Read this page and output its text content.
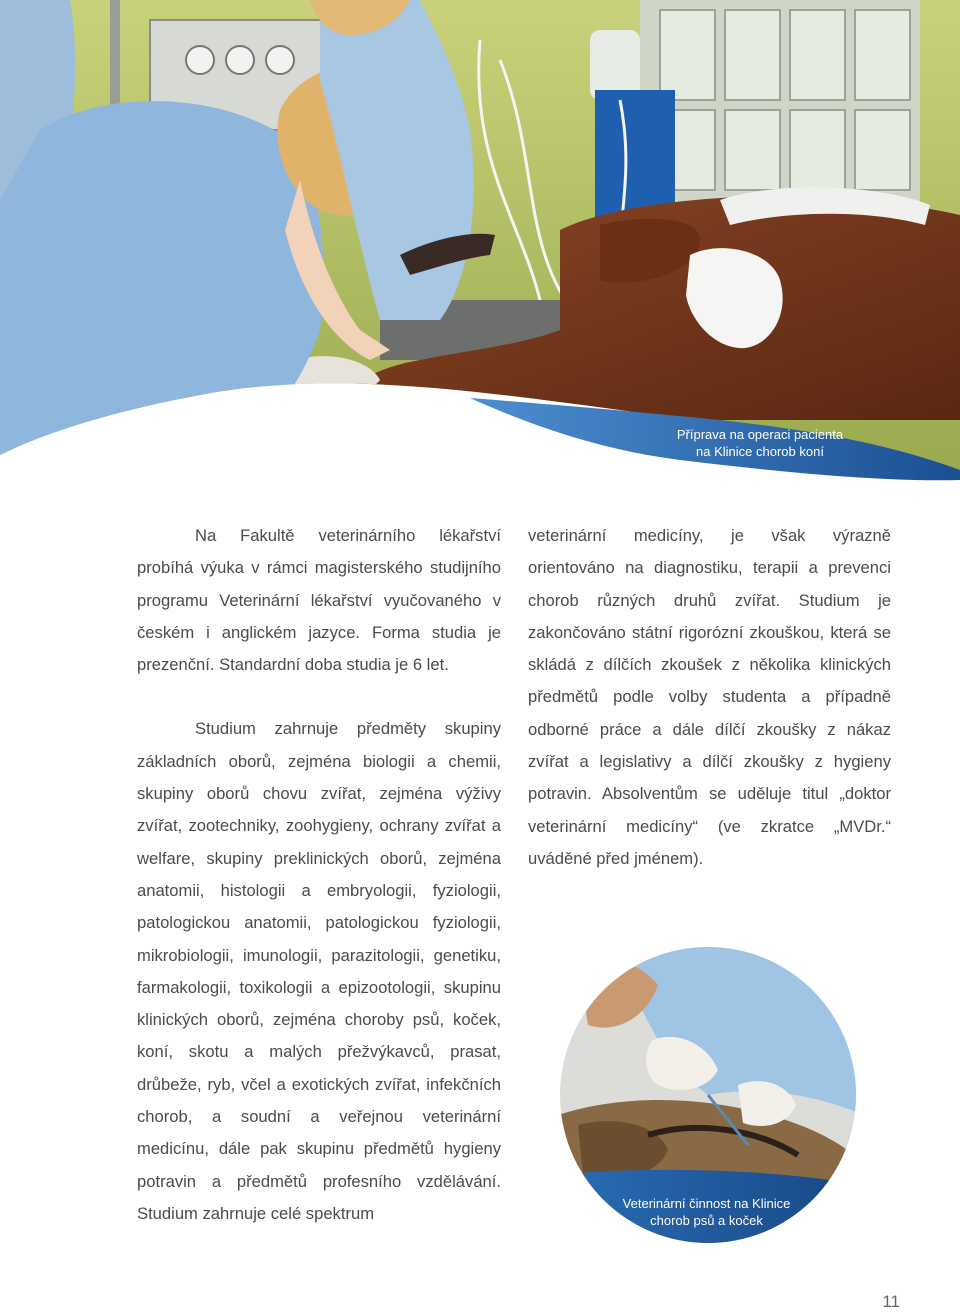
Příprava na operaci pacienta
na Klinice chorob koní

Na Fakultě veterinárního lékařství probíhá výuka v rámci magisterského studijního programu Veterinární lékařství vyučovaného v českém i anglickém jazyce. Forma studia je prezenční. Standardní doba studia je 6 let.

Studium zahrnuje předměty skupiny základních oborů, zejména biologii a chemii, skupiny oborů chovu zvířat, zejména výživy zvířat, zootechniky, zoohygieny, ochrany zvířat a welfare, skupiny preklinických oborů, zejména anatomii, histologii a embryologii, fyziologii, patologickou anatomii, patologickou fyziologii, mikrobiologii, imunologii, parazitologii, genetiku, farmakologii, toxikologii a epizootologii, skupinu klinických oborů, zejména choroby psů, koček, koní, skotu a malých přežvýkavců, prasat, drůbeže, ryb, včel a exotických zvířat, infekčních chorob, a soudní a veřejnou veterinární medicínu, dále pak skupinu předmětů hygieny potravin a předmětů profesního vzdělávání. Studium zahrnuje celé spektrum

veterinární medicíny, je však výrazně orientováno na diagnostiku, terapii a prevenci chorob různých druhů zvířat. Studium je zakončováno státní rigorózní zkouškou, která se skládá z dílčích zkoušek z několika klinických předmětů podle volby studenta a případně odborné práce a dále dílčí zkoušky z nákaz zvířat a legislativy a dílčí zkoušky z hygieny potravin. Absolventům se uděluje titul „doktor veterinární medicíny“ (ve zkratce „MVDr.“ uváděné před jménem).

Veterinární činnost na Klinice
chorob psů a koček
11
